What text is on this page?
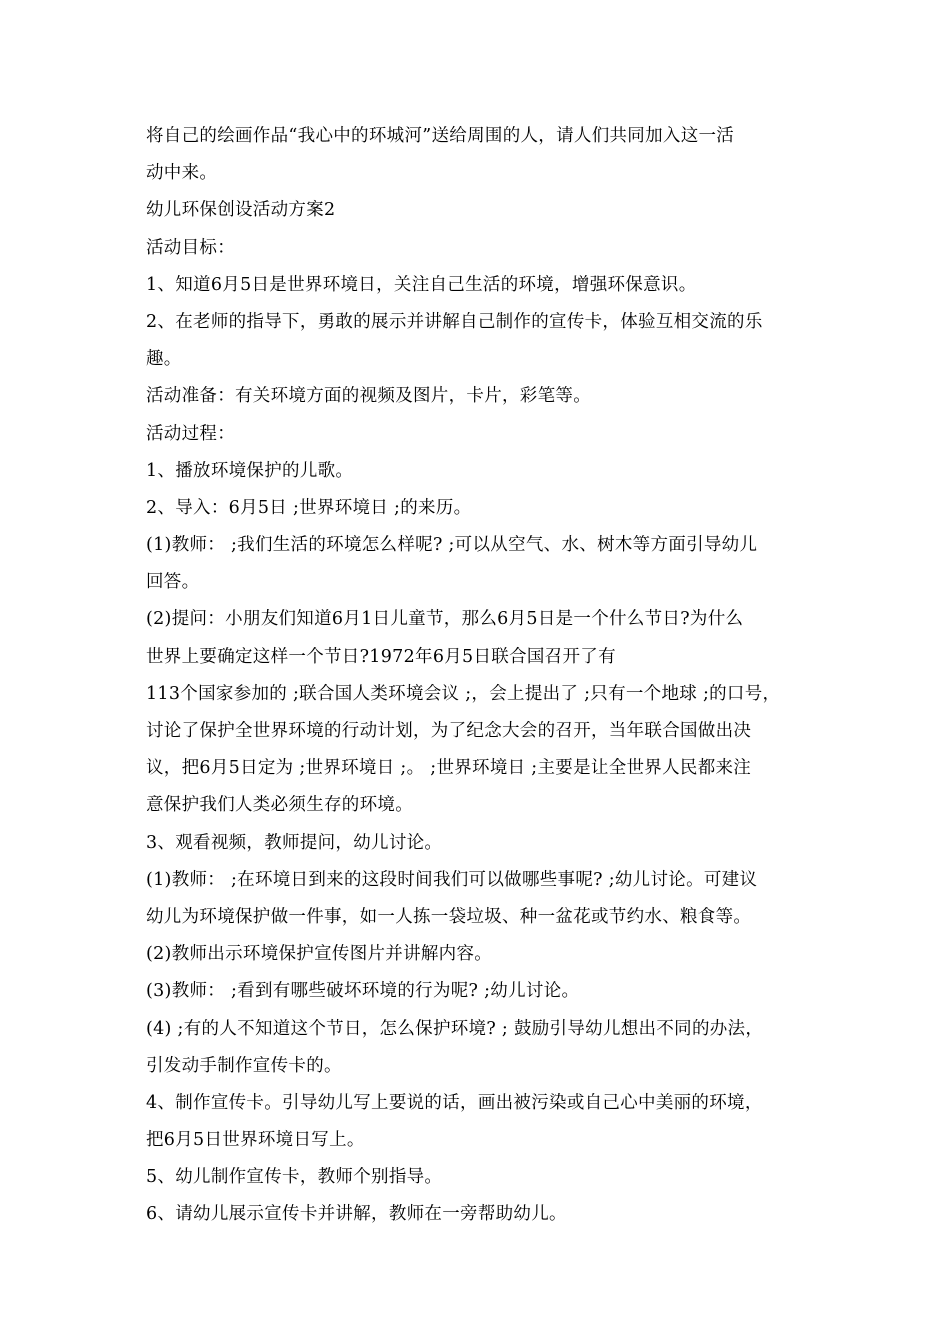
将自己的绘画作品“我心中的环城河”送给周围的人，请人们共同加入这一活
动中来。
幼儿环保创设活动方案2
活动目标：
1、知道6月5日是世界环境日，关注自己生活的环境，增强环保意识。
2、在老师的指导下，勇敢的展示并讲解自己制作的宣传卡，体验互相交流的乐
趣。
活动准备：有关环境方面的视频及图片，卡片，彩笔等。
活动过程：
1、播放环境保护的儿歌。
2、导入：6月5日 ;世界环境日 ;的来历。
(1)教师： ;我们生活的环境怎么样呢? ;可以从空气、水、树木等方面引导幼儿
回答。
(2)提问：小朋友们知道6月1日儿童节，那么6月5日是一个什么节日?为什么
世界上要确定这样一个节日?1972年6月5日联合国召开了有
113个国家参加的 ;联合国人类环境会议 ;，会上提出了 ;只有一个地球 ;的口号，
讨论了保护全世界环境的行动计划，为了纪念大会的召开，当年联合国做出决
议，把6月5日定为 ;世界环境日 ;。 ;世界环境日 ;主要是让全世界人民都来注
意保护我们人类必须生存的环境。
3、观看视频，教师提问，幼儿讨论。
(1)教师： ;在环境日到来的这段时间我们可以做哪些事呢? ;幼儿讨论。可建议
幼儿为环境保护做一件事，如一人拣一袋垃圾、种一盆花或节约水、粮食等。
(2)教师出示环境保护宣传图片并讲解内容。
(3)教师： ;看到有哪些破坏环境的行为呢? ;幼儿讨论。
(4) ;有的人不知道这个节日，怎么保护环境? ; 鼓励引导幼儿想出不同的办法，
引发动手制作宣传卡的。
4、制作宣传卡。引导幼儿写上要说的话，画出被污染或自己心中美丽的环境，
把6月5日世界环境日写上。
5、幼儿制作宣传卡，教师个别指导。
6、请幼儿展示宣传卡并讲解，教师在一旁帮助幼儿。
